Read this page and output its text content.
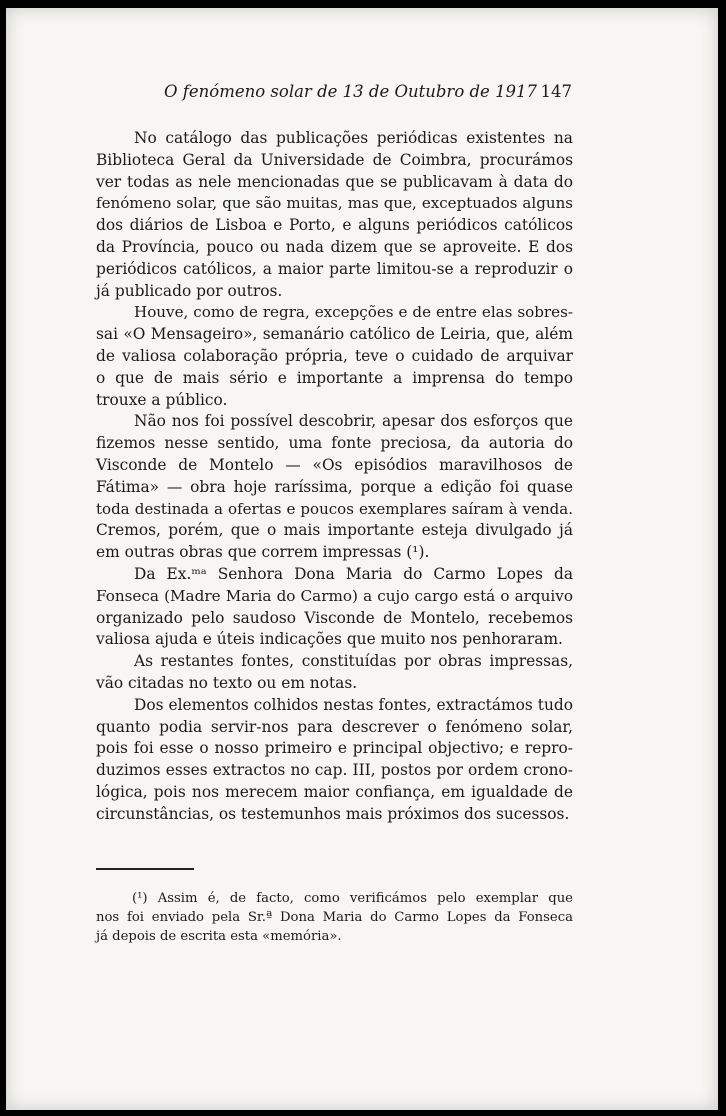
O fenómeno solar de 13 de Outubro de 1917 147
No catálogo das publicações periódicas existentes na
Biblioteca Geral da Universidade de Coimbra, procurámos
ver todas as nele mencionadas que se publicavam à data do
fenómeno solar, que são muitas, mas que, exceptuados alguns
dos diários de Lisboa e Porto, e alguns periódicos católicos
da Província, pouco ou nada dizem que se aproveite. E dos
periódicos católicos, a maior parte limitou-se a reproduzir o
já publicado por outros.
Houve, como de regra, excepções e de entre elas sobres-
sai «O Mensageiro», semanário católico de Leiria, que, além
de valiosa colaboração própria, teve o cuidado de arquivar
o que de mais sério e importante a imprensa do tempo
trouxe a público.
Não nos foi possível descobrir, apesar dos esforços que
fizemos nesse sentido, uma fonte preciosa, da autoria do
Visconde de Montelo — «Os episódios maravilhosos de
Fátima» — obra hoje raríssima, porque a edição foi quase
toda destinada a ofertas e poucos exemplares saíram à venda.
Cremos, porém, que o mais importante esteja divulgado já
em outras obras que correm impressas (¹).
Da Ex.ᵐᵃ Senhora Dona Maria do Carmo Lopes da
Fonseca (Madre Maria do Carmo) a cujo cargo está o arquivo
organizado pelo saudoso Visconde de Montelo, recebemos
valiosa ajuda e úteis indicações que muito nos penhoraram.
As restantes fontes, constituídas por obras impressas,
vão citadas no texto ou em notas.
Dos elementos colhidos nestas fontes, extractámos tudo
quanto podia servir-nos para descrever o fenómeno solar,
pois foi esse o nosso primeiro e principal objectivo; e repro-
duzimos esses extractos no cap. III, postos por ordem crono-
lógica, pois nos merecem maior confiança, em igualdade de
circunstâncias, os testemunhos mais próximos dos sucessos.
(¹) Assim é, de facto, como verificámos pelo exemplar que
nos foi enviado pela Sr.ª Dona Maria do Carmo Lopes da Fonseca
já depois de escrita esta «memória».
